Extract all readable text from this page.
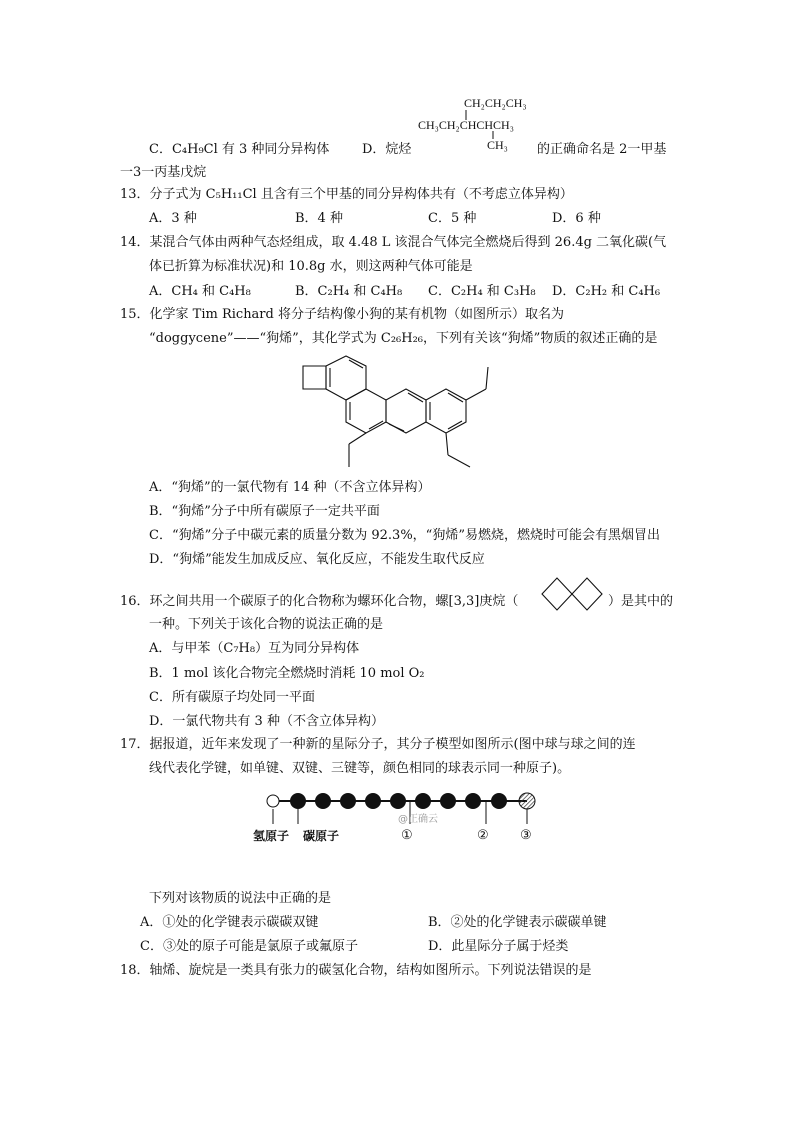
CH₂CH₂CH₃
CH₃CH₂CHCHCH₃
CH₃
C．C₄H₉Cl 有 3 种同分异构体	D．烷烃	的正确命名是 2一甲基
一3一丙基戊烷
13．分子式为 C₅H₁₁Cl 且含有三个甲基的同分异构体共有（不考虑立体异构）
A．3 种	B．4 种	C．5 种	D．6 种
14．某混合气体由两种气态烃组成，取 4.48 L 该混合气体完全燃烧后得到 26.4g 二氧化碳(气
体已折算为标准状况)和 10.8g 水，则这两种气体可能是
A．CH₄ 和 C₄H₈	B．C₂H₄ 和 C₄H₈ C．C₂H₄ 和 C₃H₈ D．C₂H₂ 和 C₄H₆
15．化学家 Tim Richard 将分子结构像小狗的某有机物（如图所示）取名为
“doggycene”——“狗烯”，其化学式为 C₂₆H₂₆，下列有关该“狗烯”物质的叙述正确的是
A．“狗烯”的一氯代物有 14 种（不含立体异构）
B．“狗烯”分子中所有碳原子一定共平面
C．“狗烯”分子中碳元素的质量分数为 92.3%，“狗烯”易燃烧，燃烧时可能会有黑烟冒出
D．“狗烯”能发生加成反应、氧化反应，不能发生取代反应
16．环之间共用一个碳原子的化合物称为螺环化合物，螺[3,3]庚烷（	）是其中的
一种。下列关于该化合物的说法正确的是
A．与甲苯（C₇H₈）互为同分异构体
B．1 mol 该化合物完全燃烧时消耗 10 mol O₂
C．所有碳原子均处同一平面
D．一氯代物共有 3 种（不含立体异构）
17．据报道，近年来发现了一种新的星际分子，其分子模型如图所示(图中球与球之间的连
线代表化学键，如单键、双键、三键等，颜色相同的球表示同一种原子)。
氢原子 碳原子	①	② ③
@正确云
下列对该物质的说法中正确的是
A．①处的化学键表示碳碳双键	B．②处的化学键表示碳碳单键
C．③处的原子可能是氯原子或氟原子	D．此星际分子属于烃类
18．轴烯、旋烷是一类具有张力的碳氢化合物，结构如图所示。下列说法错误的是
